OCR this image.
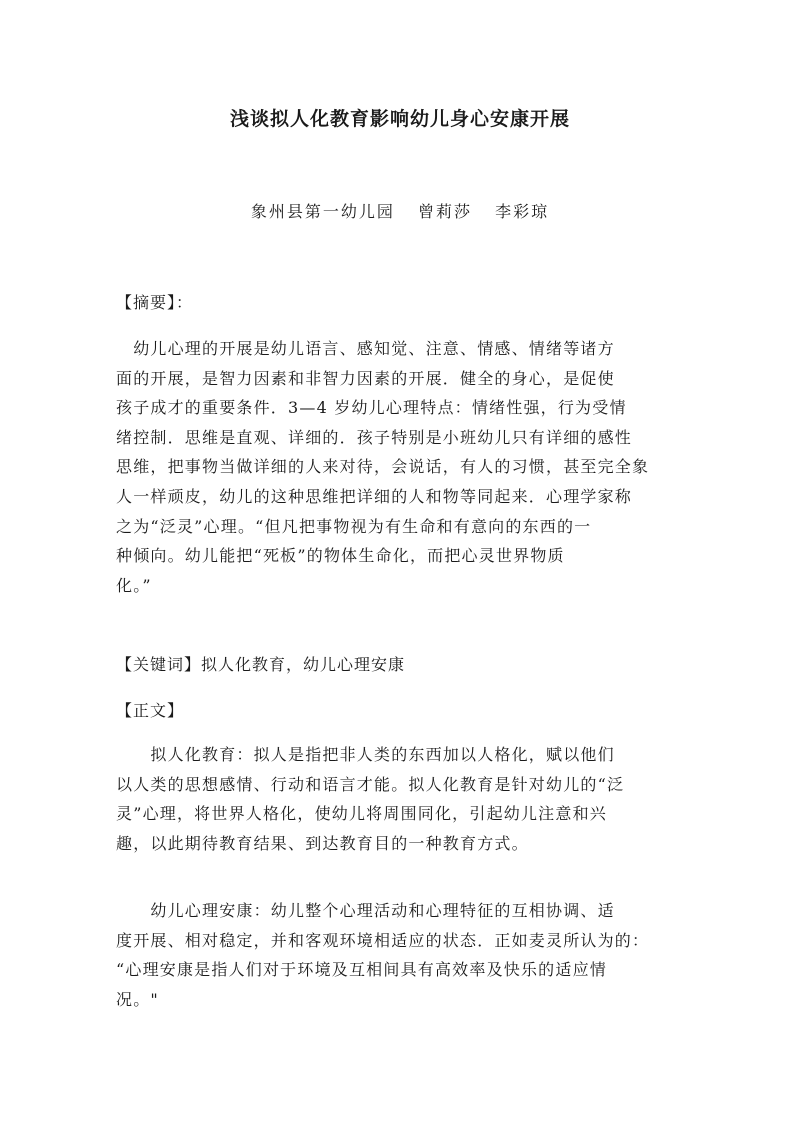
浅谈拟人化教育影响幼儿身心安康开展
象州县第一幼儿园 曾莉莎 李彩琼
【摘要】：
　幼儿心理的开展是幼儿语言、感知觉、注意、情感、情绪等诸方
面的开展，是智力因素和非智力因素的开展．健全的身心，是促使
孩子成才的重要条件．3—4 岁幼儿心理特点：情绪性强，行为受情
绪控制．思维是直观、详细的．孩子特别是小班幼儿只有详细的感性
思维，把事物当做详细的人来对待，会说话，有人的习惯，甚至完全象
人一样顽皮，幼儿的这种思维把详细的人和物等同起来．心理学家称
之为“泛灵”心理。“但凡把事物视为有生命和有意向的东西的一
种倾向。幼儿能把“死板”的物体生命化，而把心灵世界物质
化。”
【关键词】拟人化教育，幼儿心理安康
【正文】
　　拟人化教育：拟人是指把非人类的东西加以人格化，赋以他们
以人类的思想感情、行动和语言才能。拟人化教育是针对幼儿的“泛
灵”心理，将世界人格化，使幼儿将周围同化，引起幼儿注意和兴
趣，以此期待教育结果、到达教育目的一种教育方式。
　　幼儿心理安康：幼儿整个心理活动和心理特征的互相协调、适
度开展、相对稳定，并和客观环境相适应的状态．正如麦灵所认为的：
“心理安康是指人们对于环境及互相间具有高效率及快乐的适应情
况。"
